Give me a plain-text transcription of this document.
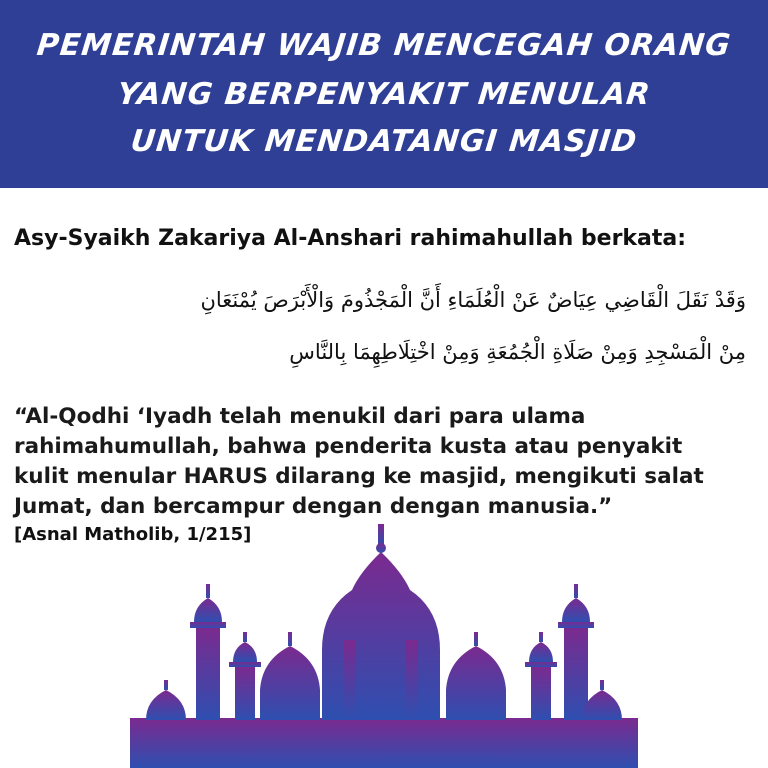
PEMERINTAH WAJIB MENCEGAH ORANG
YANG BERPENYAKIT MENULAR
UNTUK MENDATANGI MASJID
Asy-Syaikh Zakariya Al-Anshari rahimahullah berkata:
وَقَدْ نَقَلَ الْقَاضِي عِيَاضٌ عَنْ الْعُلَمَاءِ أَنَّ الْمَجْذُومَ وَالْأَبْرَصَ يُمْنَعَانِ
مِنْ الْمَسْجِدِ وَمِنْ صَلَاةِ الْجُمُعَةِ وَمِنْ اخْتِلَاطِهِمَا بِالنَّاسِ
“Al-Qodhi ‘Iyadh telah menukil dari para ulama
rahimahumullah, bahwa penderita kusta atau penyakit
kulit menular HARUS dilarang ke masjid, mengikuti salat
Jumat, dan bercampur dengan dengan manusia.”
[Asnal Matholib, 1/215]
